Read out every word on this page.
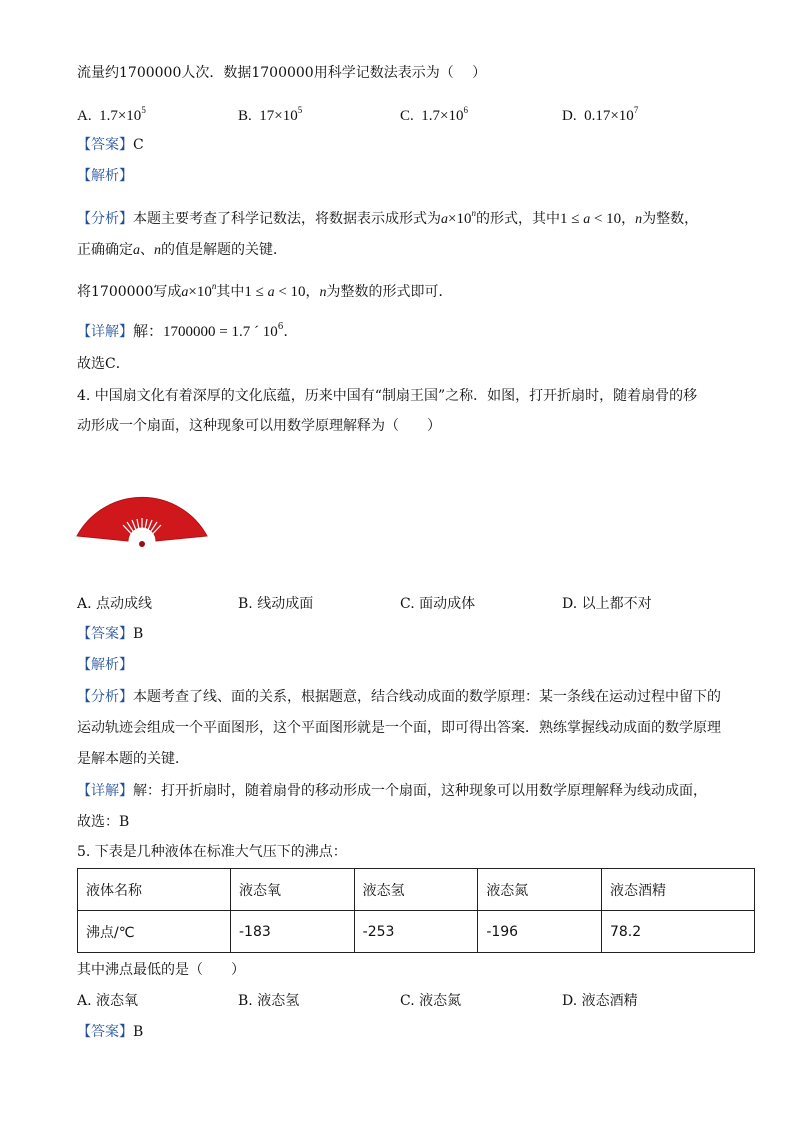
流量约1700000人次．数据1700000用科学记数法表示为（　 ）
A. $1.7\times 10^5$	B. $17\times 10^5$	C. $1.7\times 10^6$	D. $0.17\times 10^7$
【答案】C
【解析】
【分析】本题主要考查了科学记数法，将数据表示成形式为$a\times 10^n$的形式，其中1 ≤ a < 10，n为整数，
正确确定a、n的值是解题的关键．
将1700000写成$a\times 10^n$其中1 ≤ a < 10，n为整数的形式即可．
【详解】解：1700000 = 1.7 ´ $10^6$．
故选C．
4. 中国扇文化有着深厚的文化底蕴，历来中国有“制扇王国”之称．如图，打开折扇时，随着扇骨的移
动形成一个扇面，这种现象可以用数学原理解释为（　　）
A. 点动成线	B. 线动成面	C. 面动成体	D. 以上都不对
【答案】B
【解析】
【分析】本题考查了线、面的关系，根据题意，结合线动成面的数学原理：某一条线在运动过程中留下的
运动轨迹会组成一个平面图形，这个平面图形就是一个面，即可得出答案．熟练掌握线动成面的数学原理
是解本题的关键．
【详解】解：打开折扇时，随着扇骨的移动形成一个扇面，这种现象可以用数学原理解释为线动成面，
故选：B
5. 下表是几种液体在标准大气压下的沸点：
液体名称	液态氧	液态氢	液态氮	液态酒精
沸点/℃	-183	-253	-196	78.2
其中沸点最低的是（　　）
A. 液态氧	B. 液态氢	C. 液态氮	D. 液态酒精
【答案】B
